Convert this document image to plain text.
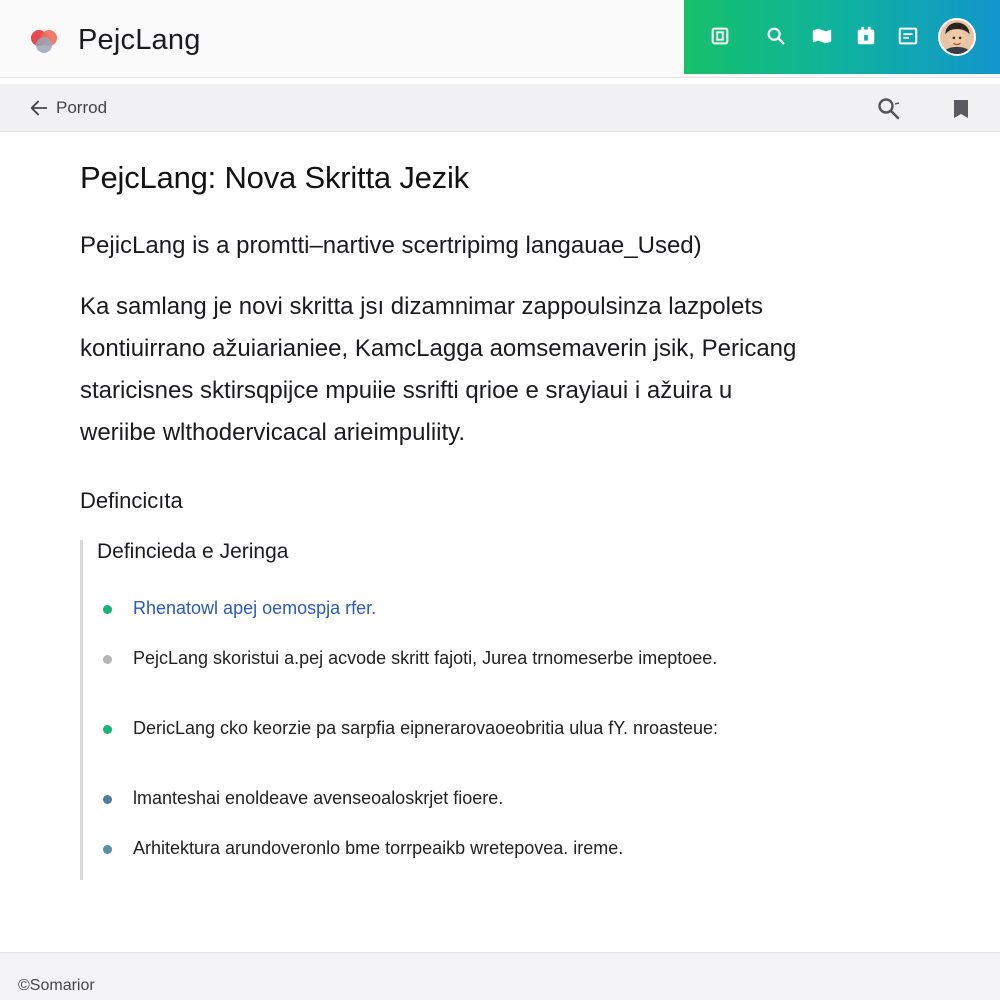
PejcLang
Porrod
PejcLang: Nova Skritta Jezik
PejicLang is a promtti–nartive scertripimg langauae_Used)
Ka samlang je novi skritta jsı dizamnimar zappoulsinza lazpolets
kontiuirrano ažuiarianiee, KamcLagga aomsemaverin jsik, Pericang
staricisnes sktirsqpijce mpuiie ssrifti qrioe e srayiaui i ažuira u
weriibe wlthodervicacal arieimpuliity.
Defincicıta
Defincieda e Jeringa
Rhenatowl apej oemospja rfer.
PejcLang skoristui a.pej acvode skritt fajoti, Jurea trnomeserbe imeptoee.
DericLang cko keorzie pa sarpfia eipnerarovaoeobritia ulua fY. nroasteue:
lmanteshai enoldeave avenseoaloskrjet fioere.
Arhitektura arundoveronlo bme torrpeaikb wretepovea. ireme.
©Somarior
